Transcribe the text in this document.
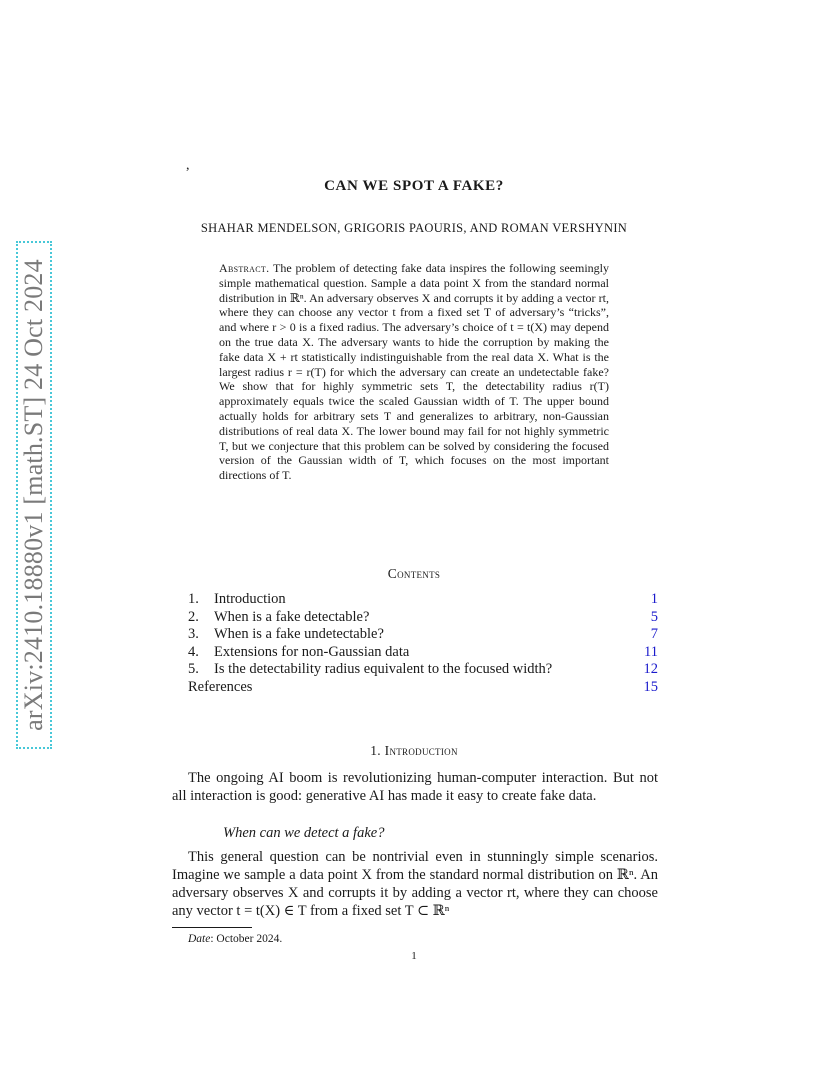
arXiv:2410.18880v1 [math.ST] 24 Oct 2024
,
CAN WE SPOT A FAKE?
SHAHAR MENDELSON, GRIGORIS PAOURIS, AND ROMAN VERSHYNIN
Abstract. The problem of detecting fake data inspires the following seemingly simple mathematical question. Sample a data point X from the standard normal distribution in ℝⁿ. An adversary observes X and corrupts it by adding a vector rt, where they can choose any vector t from a fixed set T of adversary’s “tricks”, and where r > 0 is a fixed radius. The adversary’s choice of t = t(X) may depend on the true data X. The adversary wants to hide the corruption by making the fake data X + rt statistically indistinguishable from the real data X. What is the largest radius r = r(T) for which the adversary can create an undetectable fake? We show that for highly symmetric sets T, the detectability radius r(T) approximately equals twice the scaled Gaussian width of T. The upper bound actually holds for arbitrary sets T and generalizes to arbitrary, non-Gaussian distributions of real data X. The lower bound may fail for not highly symmetric T, but we conjecture that this problem can be solved by considering the focused version of the Gaussian width of T, which focuses on the most important directions of T.
Contents
1.	Introduction	1
2.	When is a fake detectable?	5
3.	When is a fake undetectable?	7
4.	Extensions for non-Gaussian data	11
5.	Is the detectability radius equivalent to the focused width?	12
References	15
1. Introduction
The ongoing AI boom is revolutionizing human-computer interaction. But not all interaction is good: generative AI has made it easy to create fake data.
When can we detect a fake?
This general question can be nontrivial even in stunningly simple scenarios. Imagine we sample a data point X from the standard normal distribution on ℝⁿ. An adversary observes X and corrupts it by adding a vector rt, where they can choose any vector t = t(X) ∈ T from a fixed set T ⊂ ℝⁿ
Date: October 2024.
1
